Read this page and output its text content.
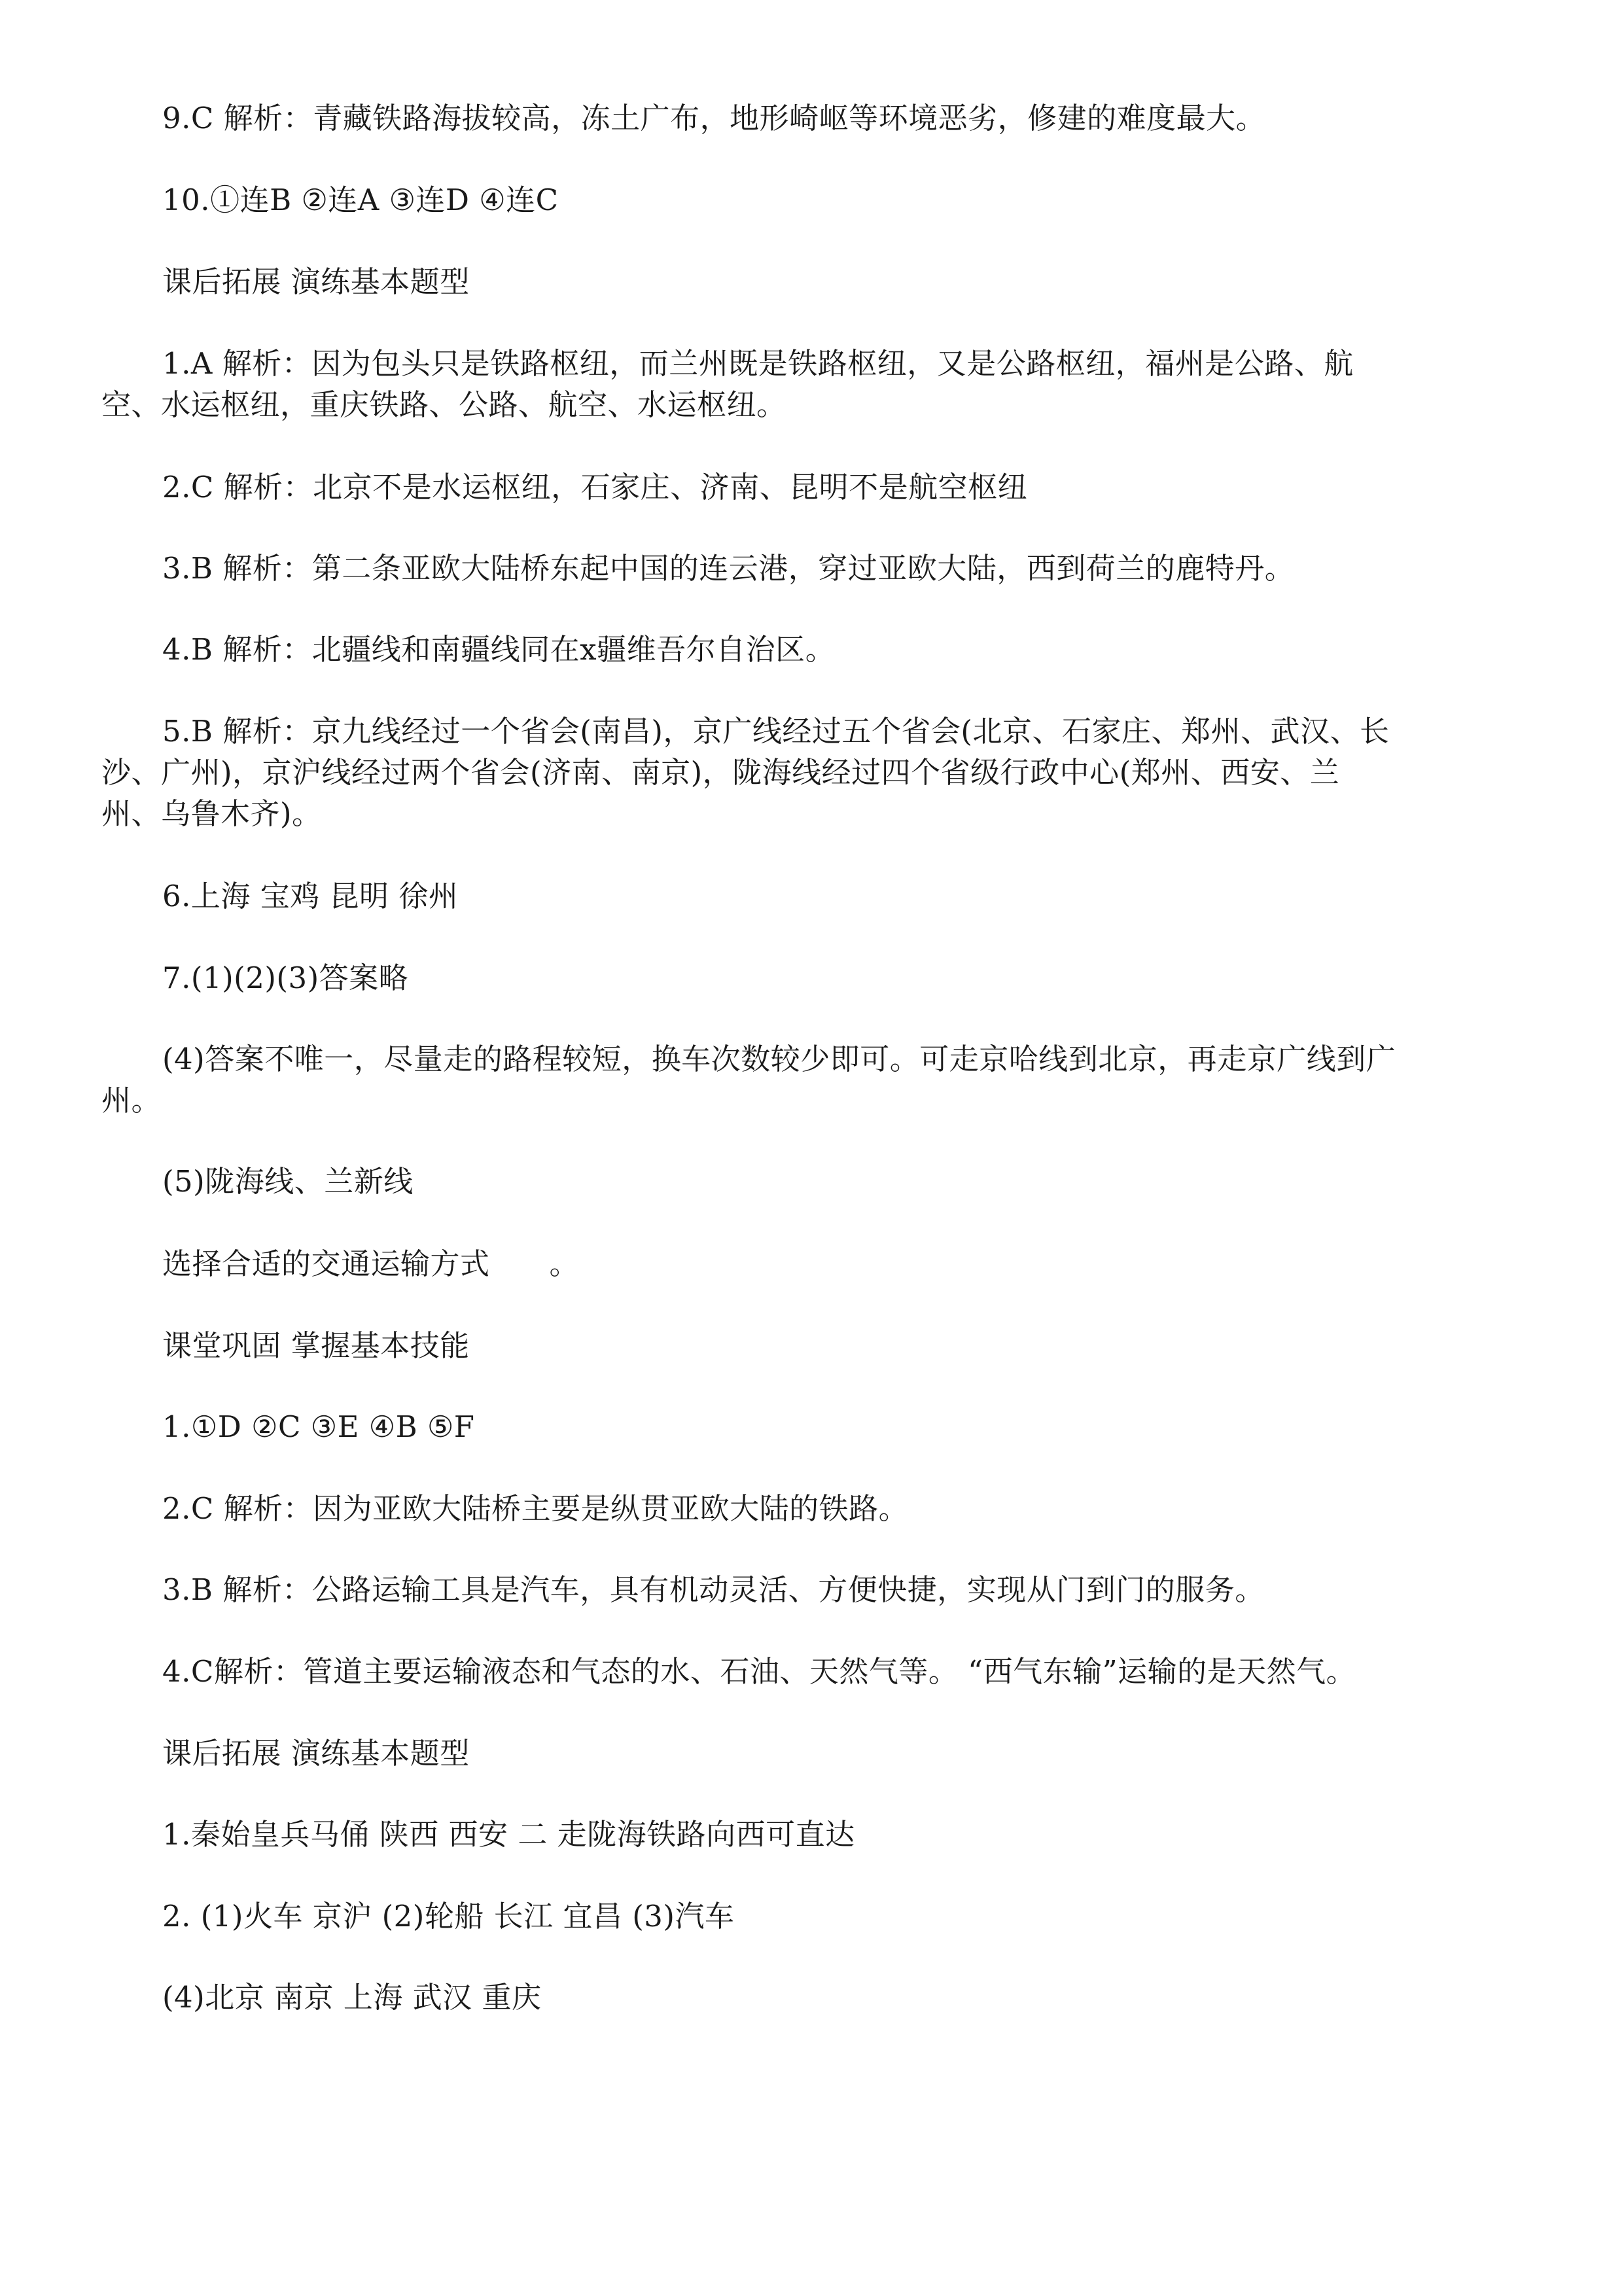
9.C 解析：青藏铁路海拔较高，冻土广布，地形崎岖等环境恶劣，修建的难度最大。
10.①连B ②连A ③连D ④连C
课后拓展 演练基本题型
1.A 解析：因为包头只是铁路枢纽，而兰州既是铁路枢纽，又是公路枢纽，福州是公路、航
空、水运枢纽，重庆铁路、公路、航空、水运枢纽。
2.C 解析：北京不是水运枢纽，石家庄、济南、昆明不是航空枢纽
3.B 解析：第二条亚欧大陆桥东起中国的连云港，穿过亚欧大陆，西到荷兰的鹿特丹。
4.B 解析：北疆线和南疆线同在x疆维吾尔自治区。
5.B 解析：京九线经过一个省会(南昌)，京广线经过五个省会(北京、石家庄、郑州、武汉、长
沙、广州)，京沪线经过两个省会(济南、南京)，陇海线经过四个省级行政中心(郑州、西安、兰
州、乌鲁木齐)。
6.上海 宝鸡 昆明 徐州
7.(1)(2)(3)答案略
(4)答案不唯一，尽量走的路程较短，换车次数较少即可。可走京哈线到北京，再走京广线到广
州。
(5)陇海线、兰新线
选择合适的交通运输方式　　。
课堂巩固 掌握基本技能
1.①D ②C ③E ④B ⑤F
2.C 解析：因为亚欧大陆桥主要是纵贯亚欧大陆的铁路。
3.B 解析：公路运输工具是汽车，具有机动灵活、方便快捷，实现从门到门的服务。
4.C解析：管道主要运输液态和气态的水、石油、天然气等。 “西气东输”运输的是天然气。
课后拓展 演练基本题型
1.秦始皇兵马俑 陕西 西安 二 走陇海铁路向西可直达
2. (1)火车 京沪 (2)轮船 长江 宜昌 (3)汽车
(4)北京 南京 上海 武汉 重庆
